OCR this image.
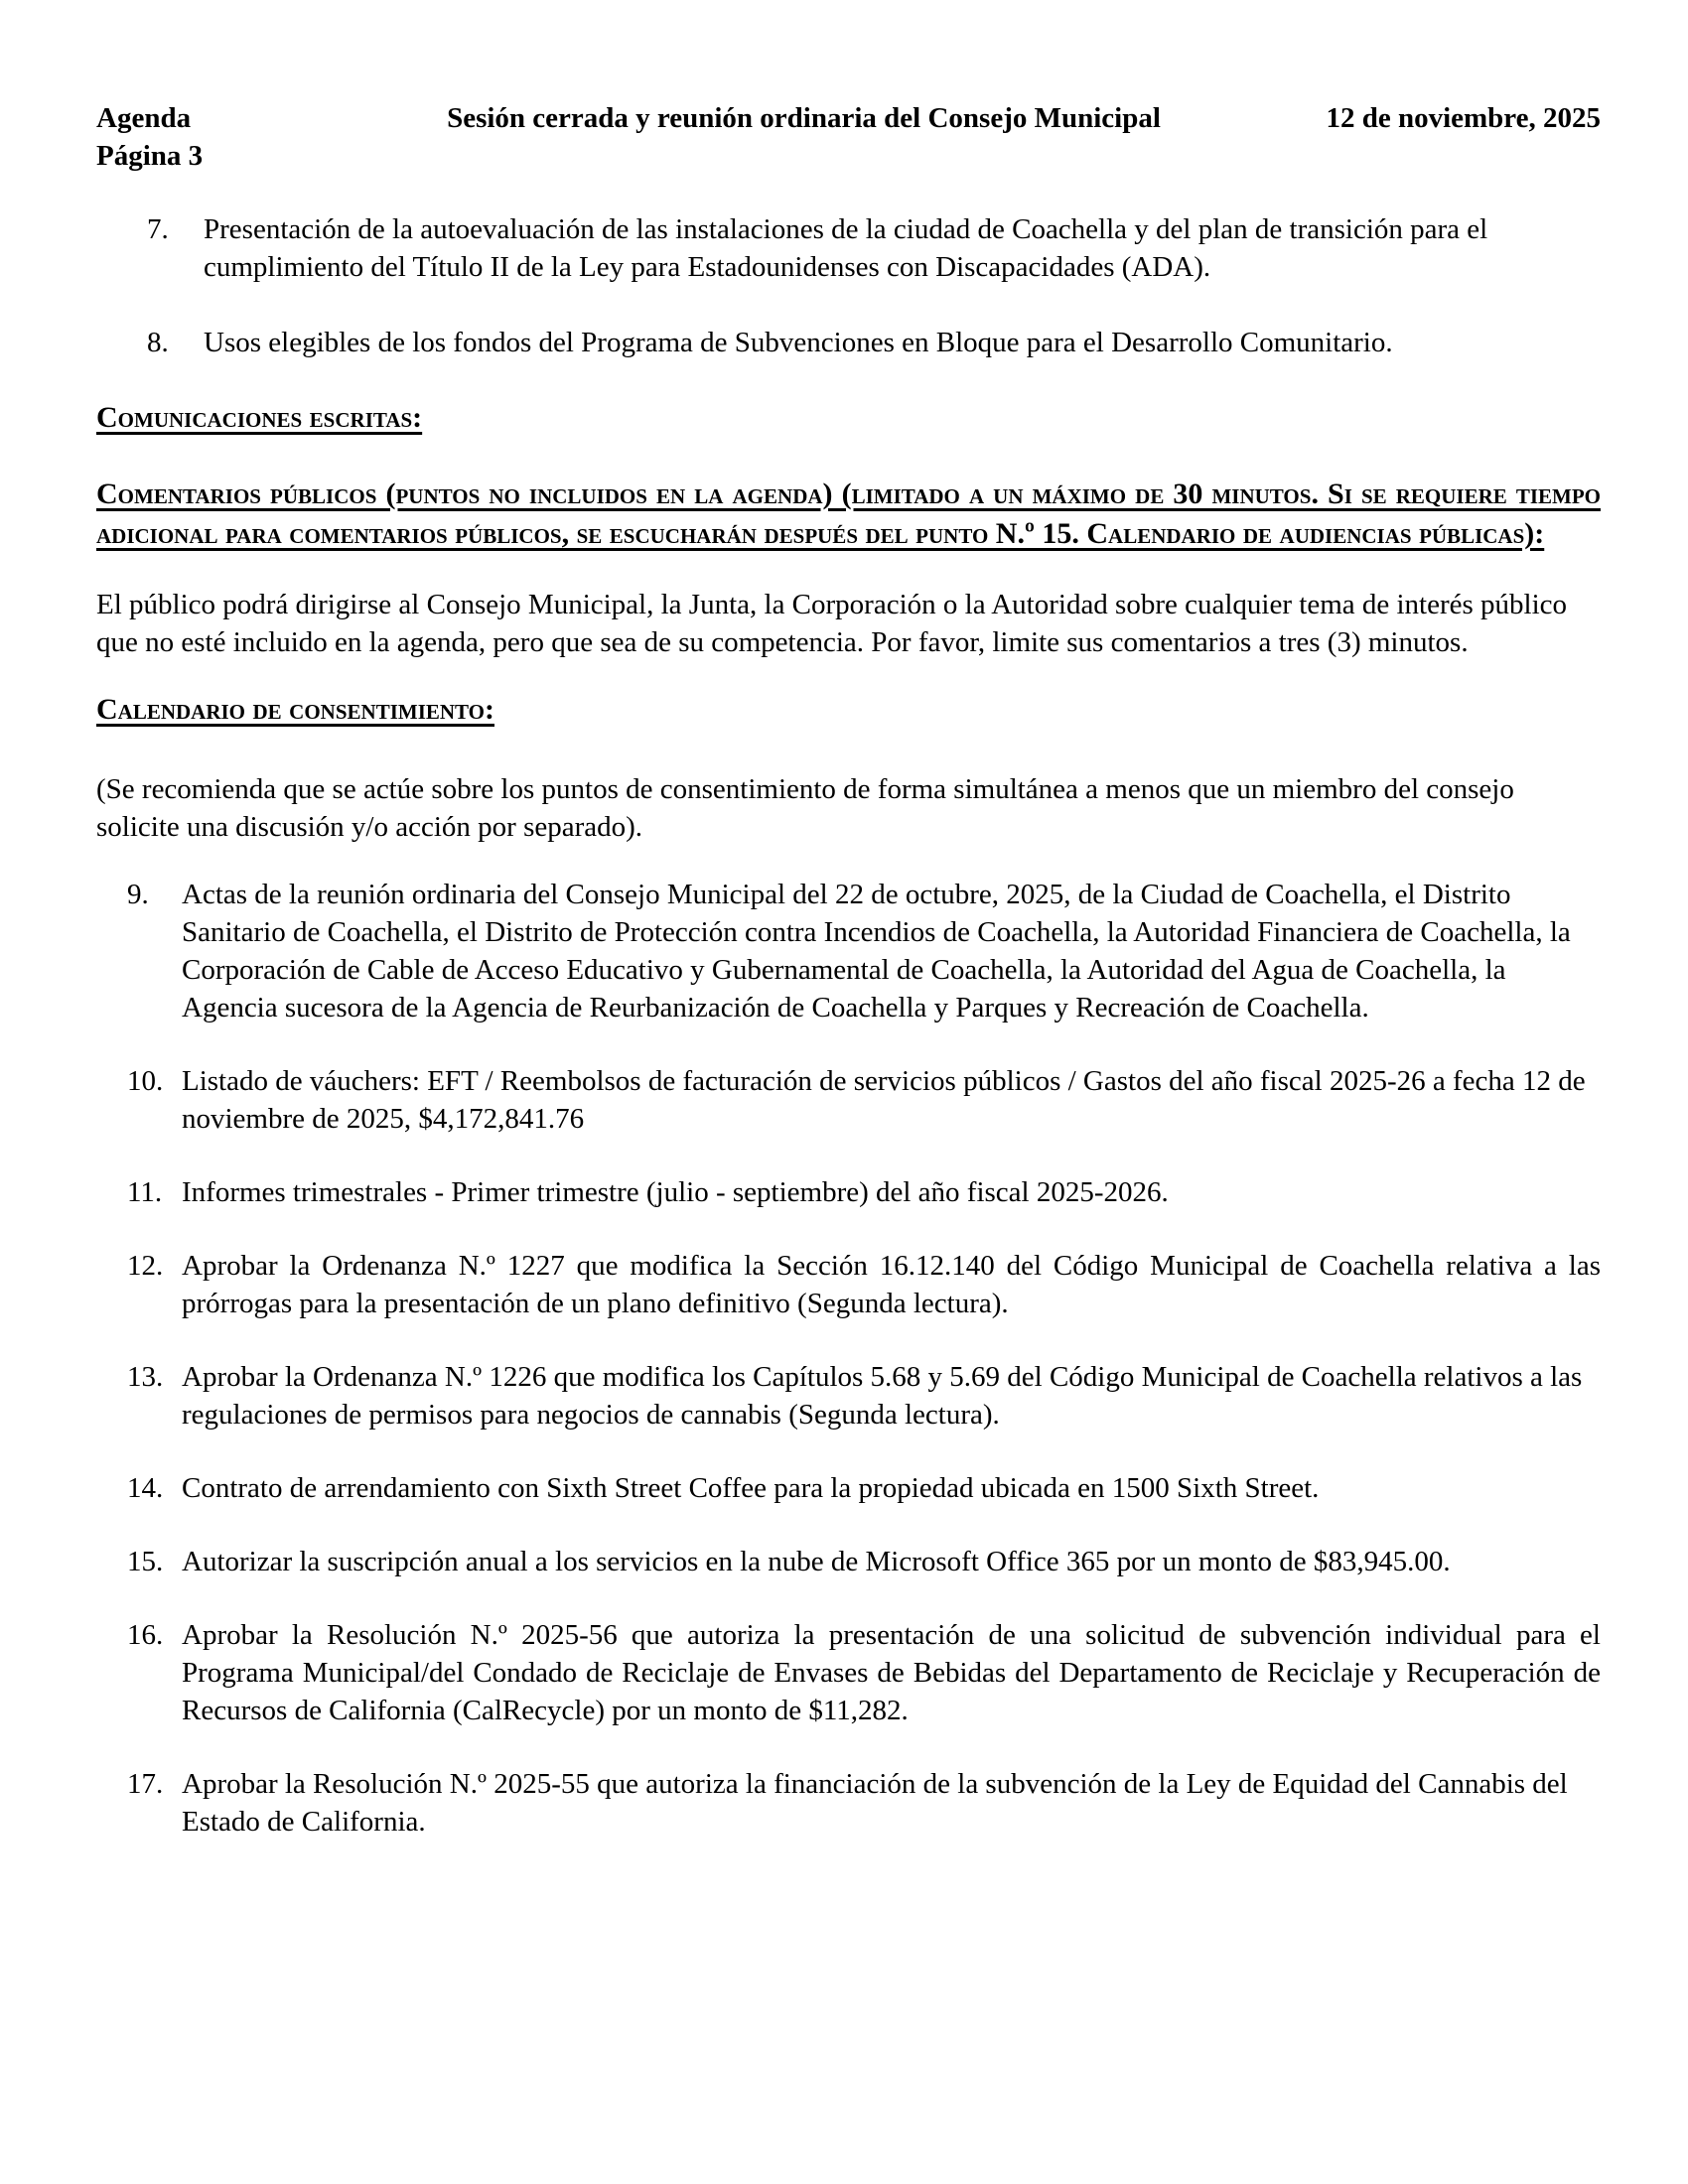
Agenda	Sesión cerrada y reunión ordinaria del Consejo Municipal	12 de noviembre, 2025
Página 3
7.	Presentación de la autoevaluación de las instalaciones de la ciudad de Coachella y del plan de transición para el cumplimiento del Título II de la Ley para Estadounidenses con Discapacidades (ADA).
8.	Usos elegibles de los fondos del Programa de Subvenciones en Bloque para el Desarrollo Comunitario.
Comunicaciones escritas:
Comentarios públicos (puntos no incluidos en la agenda) (limitado a un máximo de 30 minutos. Si se requiere tiempo adicional para comentarios públicos, se escucharán después del punto N.º 15. Calendario de audiencias públicas):

El público podrá dirigirse al Consejo Municipal, la Junta, la Corporación o la Autoridad sobre cualquier tema de interés público que no esté incluido en la agenda, pero que sea de su competencia. Por favor, limite sus comentarios a tres (3) minutos.

Calendario de consentimiento:

(Se recomienda que se actúe sobre los puntos de consentimiento de forma simultánea a menos que un miembro del consejo solicite una discusión y/o acción por separado).

9.	Actas de la reunión ordinaria del Consejo Municipal del 22 de octubre, 2025, de la Ciudad de Coachella, el Distrito Sanitario de Coachella, el Distrito de Protección contra Incendios de Coachella, la Autoridad Financiera de Coachella, la Corporación de Cable de Acceso Educativo y Gubernamental de Coachella, la Autoridad del Agua de Coachella, la Agencia sucesora de la Agencia de Reurbanización de Coachella y Parques y Recreación de Coachella.
10. Listado de váuchers: EFT / Reembolsos de facturación de servicios públicos / Gastos del año fiscal 2025-26 a fecha 12 de noviembre de 2025, $4,172,841.76
11. Informes trimestrales - Primer trimestre (julio - septiembre) del año fiscal 2025-2026.
12. Aprobar la Ordenanza N.º 1227 que modifica la Sección 16.12.140 del Código Municipal de Coachella relativa a las prórrogas para la presentación de un plano definitivo (Segunda lectura).
13. Aprobar la Ordenanza N.º 1226 que modifica los Capítulos 5.68 y 5.69 del Código Municipal de Coachella relativos a las regulaciones de permisos para negocios de cannabis (Segunda lectura).
14. Contrato de arrendamiento con Sixth Street Coffee para la propiedad ubicada en 1500 Sixth Street.
15. Autorizar la suscripción anual a los servicios en la nube de Microsoft Office 365 por un monto de $83,945.00.
16. Aprobar la Resolución N.º 2025-56 que autoriza la presentación de una solicitud de subvención individual para el Programa Municipal/del Condado de Reciclaje de Envases de Bebidas del Departamento de Reciclaje y Recuperación de Recursos de California (CalRecycle) por un monto de $11,282.
17. Aprobar la Resolución N.º 2025-55 que autoriza la financiación de la subvención de la Ley de Equidad del Cannabis del Estado de California.
